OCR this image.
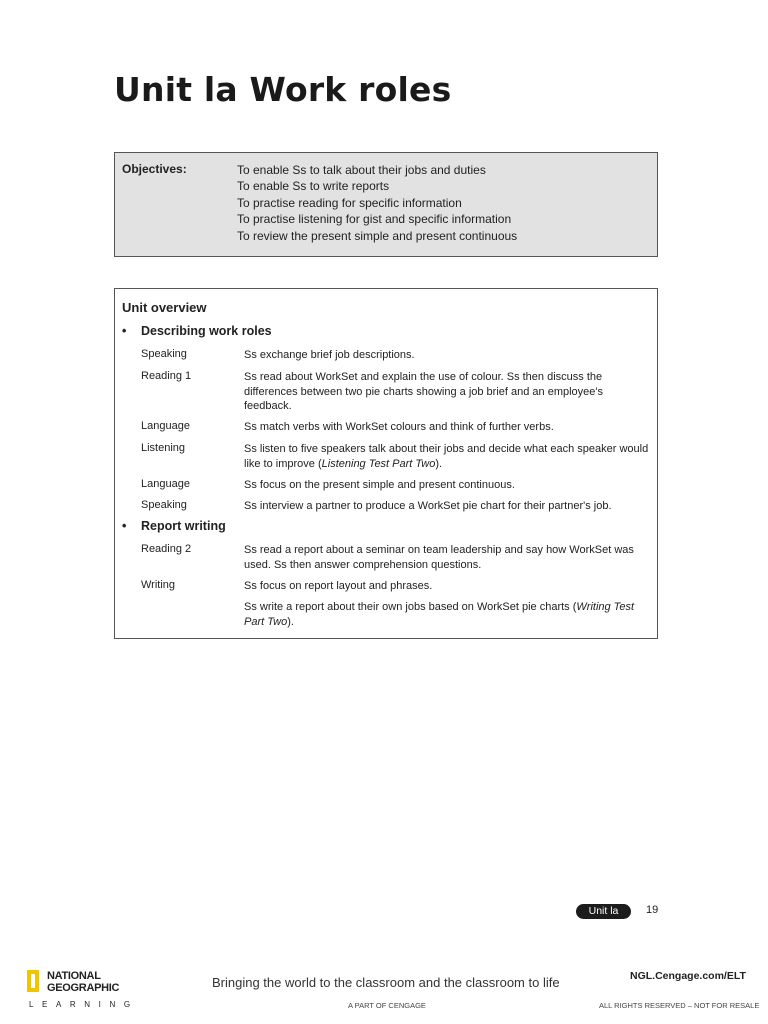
Unit la Work roles
Objectives:	To enable Ss to talk about their jobs and duties
To enable Ss to write reports
To practise reading for specific information
To practise listening for gist and specific information
To review the present simple and present continuous
Unit overview
• Describing work roles
Speaking	Ss exchange brief job descriptions.
Reading 1	Ss read about WorkSet and explain the use of colour. Ss then discuss the differences between two pie charts showing a job brief and an employee's feedback.
Language	Ss match verbs with WorkSet colours and think of further verbs.
Listening	Ss listen to five speakers talk about their jobs and decide what each speaker would like to improve (Listening Test Part Two).
Language	Ss focus on the present simple and present continuous.
Speaking	Ss interview a partner to produce a WorkSet pie chart for their partner's job.
• Report writing
Reading 2	Ss read a report about a seminar on team leadership and say how WorkSet was used. Ss then answer comprehension questions.
Writing	Ss focus on report layout and phrases.
Ss write a report about their own jobs based on WorkSet pie charts (Writing Test Part Two).
Unit la	19
NATIONAL
GEOGRAPHIC
LEARNING
Bringing the world to the classroom and the classroom to life
A PART OF CENGAGE
NGL.Cengage.com/ELT
ALL RIGHTS RESERVED – NOT FOR RESALE
